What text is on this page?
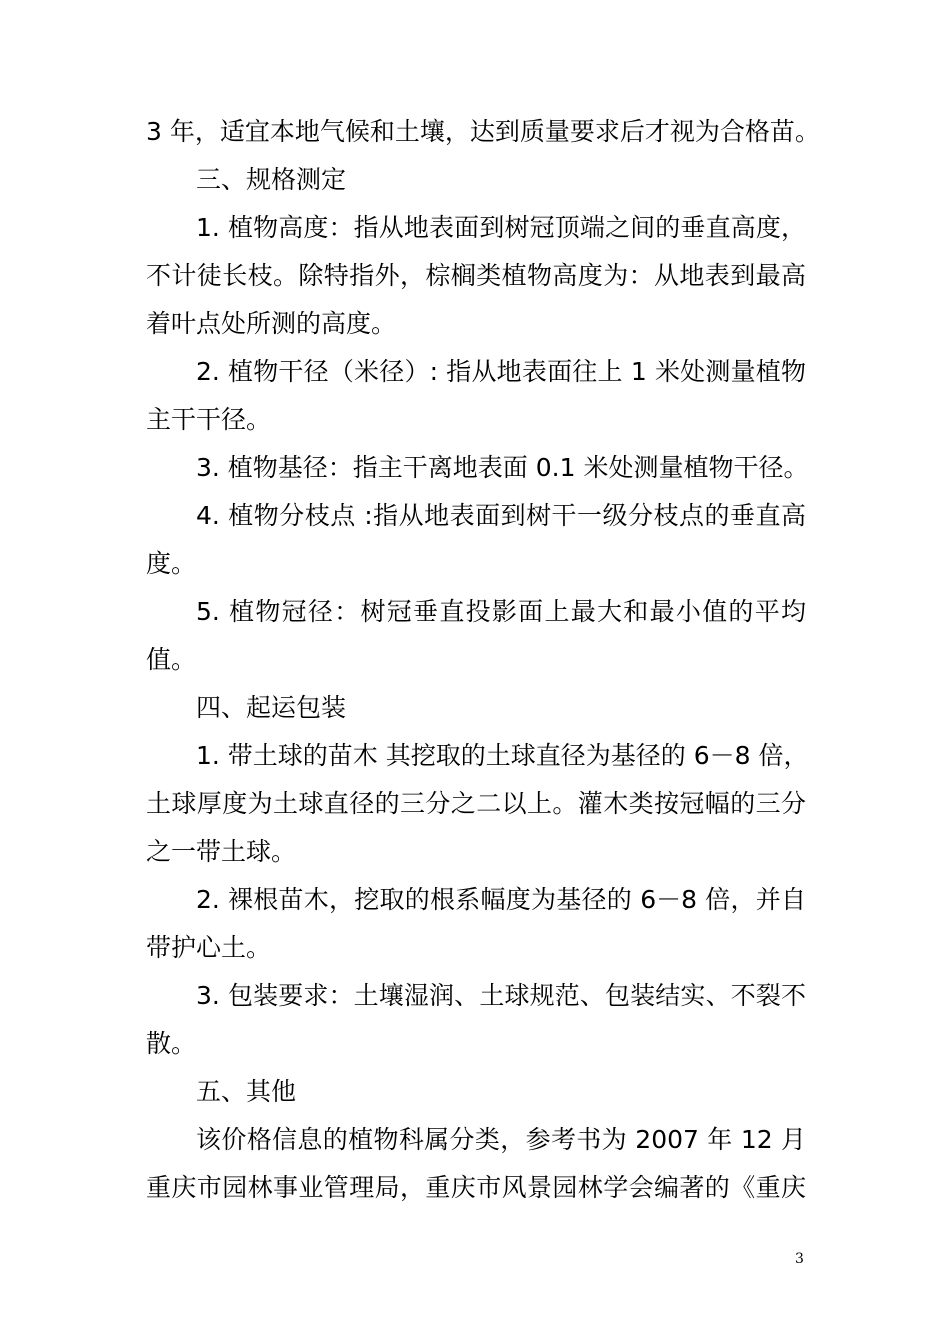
3 年，适宜本地气候和土壤，达到质量要求后才视为合格苗。
三、规格测定
1. 植物高度：指从地表面到树冠顶端之间的垂直高度，
不计徒长枝。除特指外，棕榈类植物高度为：从地表到最高
着叶点处所测的高度。
2. 植物干径（米径）: 指从地表面往上 1 米处测量植物
主干干径。
3. 植物基径：指主干离地表面 0.1 米处测量植物干径。
4. 植物分枝点 :指从地表面到树干一级分枝点的垂直高
度。
5. 植物冠径：树冠垂直投影面上最大和最小值的平均
值。
四、起运包装
1. 带土球的苗木 其挖取的土球直径为基径的 6－8 倍，
土球厚度为土球直径的三分之二以上。灌木类按冠幅的三分
之一带土球。
2. 裸根苗木，挖取的根系幅度为基径的 6－8 倍，并自
带护心土。
3. 包装要求：土壤湿润、土球规范、包装结实、不裂不
散。
五、其他
该价格信息的植物科属分类，参考书为 2007 年 12 月
重庆市园林事业管理局，重庆市风景园林学会编著的《重庆
3
